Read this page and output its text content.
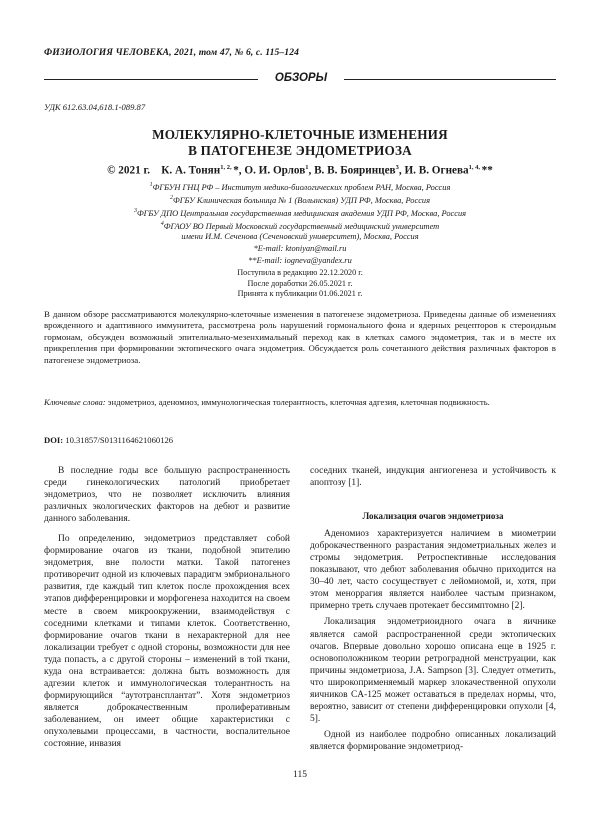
ФИЗИОЛОГИЯ ЧЕЛОВЕКА, 2021, том 47, № 6, с. 115–124
ОБЗОРЫ
УДК 612.63.04,618.1-089.87
МОЛЕКУЛЯРНО-КЛЕТОЧНЫЕ ИЗМЕНЕНИЯ
В ПАТОГЕНЕЗЕ ЭНДОМЕТРИОЗА
© 2021 г. К. А. Тонян$^{1, 2,}$ *, О. И. Орлов$^1$, В. В. Бояринцев$^3$, И. В. Огнева$^{1, 4,}$ **
$^1$ФГБУН ГНЦ РФ – Институт медико-биологических проблем РАН, Москва, Россия
$^2$ФГБУ Клиническая больница № 1 (Волынская) УДП РФ, Москва, Россия
$^3$ФГБУ ДПО Центральная государственная медицинская академия УДП РФ, Москва, Россия
$^4$ФГАОУ ВО Первый Московский государственный медицинский университет
имени И.М. Сеченова (Сеченовский университет), Москва, Россия
*E-mail: ktoniyan@mail.ru
**E-mail: iogneva@yandex.ru
Поступила в редакцию 22.12.2020 г.
После доработки 26.05.2021 г.
Принята к публикации 01.06.2021 г.
В данном обзоре рассматриваются молекулярно-клеточные изменения в патогенезе эндометриоза. Приведены данные об изменениях врожденного и адаптивного иммунитета, рассмотрена роль нарушений гормонального фона и ядерных рецепторов к стероидным гормонам, обсужден возможный эпителиально-мезенхимальный переход как в клетках самого эндометрия, так и в месте их прикрепления при формировании эктопического очага эндометрия. Обсуждается роль сочетанного действия различных факторов в патогенезе эндометриоза.
Ключевые слова: эндометриоз, аденомиоз, иммунологическая толерантность, клеточная адгезия, клеточная подвижность.
DOI: 10.31857/S0131164621060126

В последние годы все большую распространенность среди гинекологических патологий приобретает эндометриоз, что не позволяет исключить влияния различных экологических факторов на дебют и развитие данного заболевания.

По определению, эндометриоз представляет собой формирование очагов из ткани, подобной эпителию эндометрия, вне полости матки. Такой патогенез противоречит одной из ключевых парадигм эмбрионального развития, где каждый тип клеток после прохождения всех этапов дифференцировки и морфогенеза находится на своем месте в своем микроокружении, взаимодействуя с соседними клетками и типами клеток. Соответственно, формирование очагов ткани в нехарактерной для нее локализации требует с одной стороны, возможности для нее туда попасть, а с другой стороны – изменений в той ткани, куда она встраивается: должна быть возможность для адгезии клеток и иммунологическая толерантность на формирующийся “аутотрансплантат”. Хотя эндометриоз является доброкачественным пролиферативным заболеванием, он имеет общие характеристики с опухолевыми процессами, в частности, воспалительное состояние, инвазия

соседних тканей, индукция ангиогенеза и устойчивость к апоптозу [1].

Локализация очагов эндометриоза

Аденомиоз характеризуется наличием в миометрии доброкачественного разрастания эндометриальных желез и стромы эндометрия. Ретроспективные исследования показывают, что дебют заболевания обычно приходится на 30–40 лет, часто сосуществует с лейомиомой, и, хотя, при этом меноррагия является наиболее частым признаком, примерно треть случаев протекает бессимптомно [2].

Локализация эндометриоидного очага в яичнике является самой распространенной среди эктопических очагов. Впервые довольно хорошо описана еще в 1925 г. основоположником теории ретроградной менструации, как причины эндометриоза, J.A. Sampson [3]. Следует отметить, что широкоприменяемый маркер злокачественной опухоли яичников CA-125 может оставаться в пределах нормы, что, вероятно, зависит от степени дифференцировки опухоли [4, 5].

Одной из наиболее подробно описанных локализаций является формирование эндометриод-

115
